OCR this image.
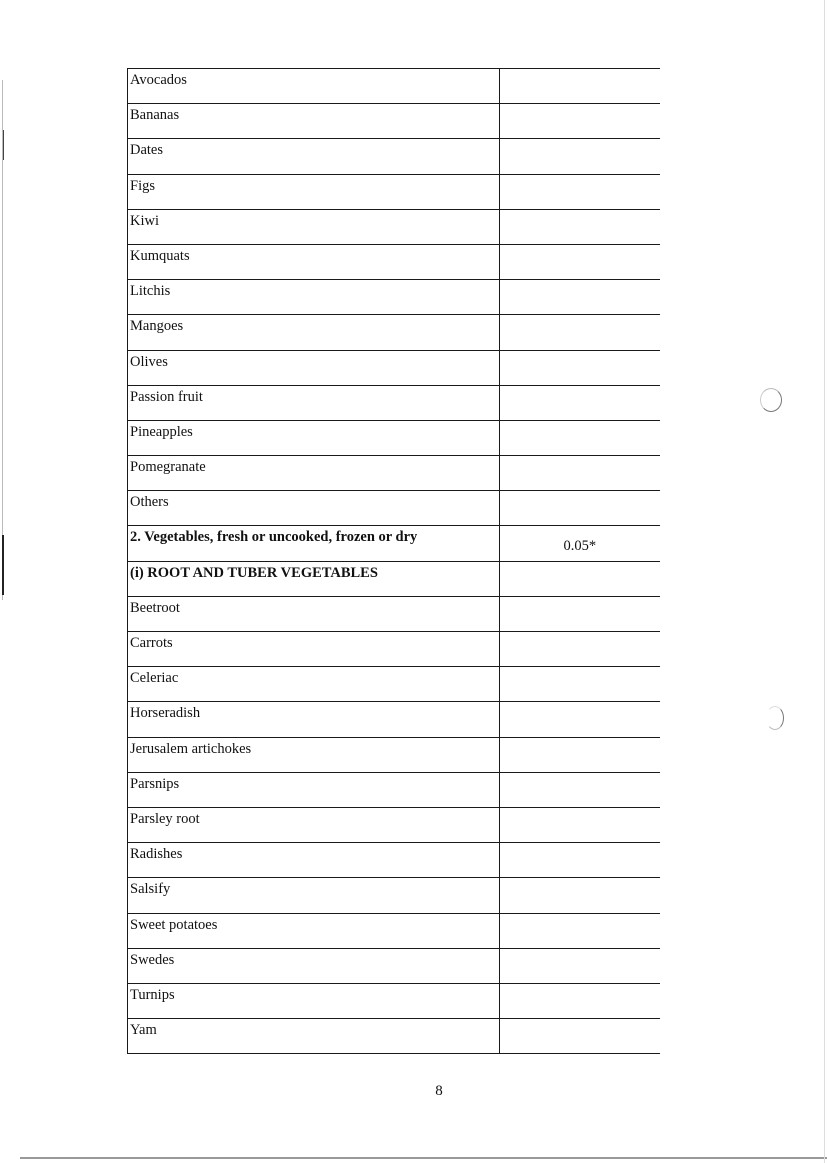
Avocados	
Bananas	
Dates	
Figs	
Kiwi	
Kumquats	
Litchis	
Mangoes	
Olives	
Passion fruit	
Pineapples	
Pomegranate	
Others	
2. Vegetables, fresh or uncooked, frozen or dry	0.05*
(i) ROOT AND TUBER VEGETABLES	
Beetroot	
Carrots	
Celeriac	
Horseradish	
Jerusalem artichokes	
Parsnips	
Parsley root	
Radishes	
Salsify	
Sweet potatoes	
Swedes	
Turnips	
Yam	
8
